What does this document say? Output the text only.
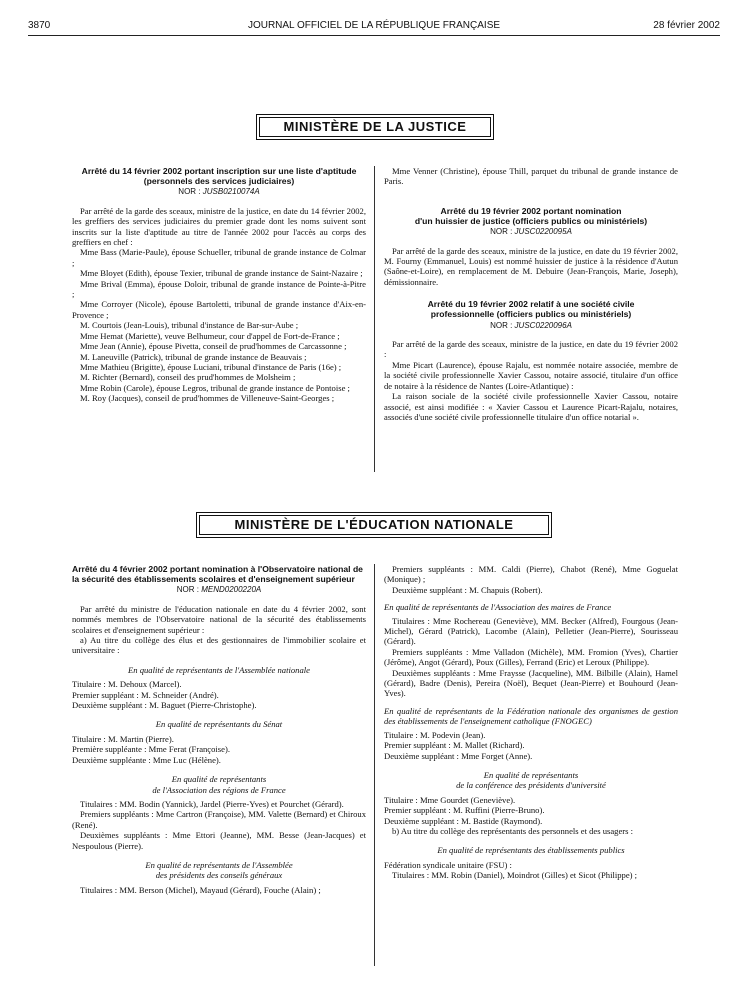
3870	JOURNAL OFFICIEL DE LA RÉPUBLIQUE FRANÇAISE	28 février 2002
MINISTÈRE DE LA JUSTICE
Arrêté du 14 février 2002 portant inscription sur une liste d'aptitude (personnels des services judiciaires)
NOR : JUSB0210074A

Par arrêté de la garde des sceaux, ministre de la justice, en date du 14 février 2002, les greffiers des services judiciaires du premier grade dont les noms suivent sont inscrits sur la liste d'aptitude au titre de l'année 2002 pour l'accès au corps des greffiers en chef :

Mme Bass (Marie-Paule), épouse Schueller, tribunal de grande instance de Colmar ;

Mme Bloyet (Edith), épouse Texier, tribunal de grande instance de Saint-Nazaire ;

Mme Brival (Emma), épouse Doloir, tribunal de grande instance de Pointe-à-Pitre ;

Mme Corroyer (Nicole), épouse Bartoletti, tribunal de grande instance d'Aix-en-Provence ;

M. Courtois (Jean-Louis), tribunal d'instance de Bar-sur-Aube ;

Mme Hemat (Mariette), veuve Belhumeur, cour d'appel de Fort-de-France ;

Mme Jean (Annie), épouse Pivetta, conseil de prud'hommes de Carcassonne ;

M. Laneuville (Patrick), tribunal de grande instance de Beauvais ;

Mme Mathieu (Brigitte), épouse Luciani, tribunal d'instance de Paris (16e) ;

M. Richter (Bernard), conseil des prud'hommes de Molsheim ;

Mme Robin (Carole), épouse Legros, tribunal de grande instance de Pontoise ;

M. Roy (Jacques), conseil de prud'hommes de Villeneuve-Saint-Georges ;

Mme Venner (Christine), épouse Thill, parquet du tribunal de grande instance de Paris.

Arrêté du 19 février 2002 portant nomination
d'un huissier de justice (officiers publics ou ministériels)
NOR : JUSC0220095A

Par arrêté de la garde des sceaux, ministre de la justice, en date du 19 février 2002, M. Fourny (Emmanuel, Louis) est nommé huissier de justice à la résidence d'Autun (Saône-et-Loire), en remplacement de M. Debuire (Jean-François, Marie, Joseph), démissionnaire.

Arrêté du 19 février 2002 relatif à une société civile
professionnelle (officiers publics ou ministériels)
NOR : JUSC0220096A

Par arrêté de la garde des sceaux, ministre de la justice, en date du 19 février 2002 :

Mme Picart (Laurence), épouse Rajalu, est nommée notaire associée, membre de la société civile professionnelle Xavier Cassou, notaire associé, titulaire d'un office de notaire à la résidence de Nantes (Loire-Atlantique) :

La raison sociale de la société civile professionnelle Xavier Cassou, notaire associé, est ainsi modifiée : « Xavier Cassou et Laurence Picart-Rajalu, notaires, associés d'une société civile professionnelle titulaire d'un office notarial ».

MINISTÈRE DE L'ÉDUCATION NATIONALE
Arrêté du 4 février 2002 portant nomination à l'Observatoire national de la sécurité des établissements scolaires et d'enseignement supérieur
NOR : MEND0200220A

Par arrêté du ministre de l'éducation nationale en date du 4 février 2002, sont nommés membres de l'Observatoire national de la sécurité des établissements scolaires et d'enseignement supérieur :

a) Au titre du collège des élus et des gestionnaires de l'immobilier scolaire et universitaire :

En qualité de représentants de l'Assemblée nationale

Titulaire : M. Dehoux (Marcel).

Premier suppléant : M. Schneider (André).

Deuxième suppléant : M. Baguet (Pierre-Christophe).

En qualité de représentants du Sénat

Titulaire : M. Martin (Pierre).

Première suppléante : Mme Ferat (Françoise).

Deuxième suppléante : Mme Luc (Hélène).

En qualité de représentants
de l'Association des régions de France

Titulaires : MM. Bodin (Yannick), Jardel (Pierre-Yves) et Pourchet (Gérard).

Premiers suppléants : Mme Cartron (Françoise), MM. Valette (Bernard) et Chiroux (René).

Deuxièmes suppléants : Mme Ettori (Jeanne), MM. Besse (Jean-Jacques) et Nespoulous (Pierre).

En qualité de représentants de l'Assemblée
des présidents des conseils généraux

Titulaires : MM. Berson (Michel), Mayaud (Gérard), Fouche (Alain) ;

Premiers suppléants : MM. Caldi (Pierre), Chabot (René), Mme Goguelat (Monique) ;

Deuxième suppléant : M. Chapuis (Robert).

En qualité de représentants de l'Association des maires de France

Titulaires : Mme Rochereau (Geneviève), MM. Becker (Alfred), Fourgous (Jean-Michel), Gérard (Patrick), Lacombe (Alain), Pelletier (Jean-Pierre), Sourisseau (Gérard).

Premiers suppléants : Mme Valladon (Michèle), MM. Fromion (Yves), Chartier (Jérôme), Angot (Gérard), Poux (Gilles), Ferrand (Eric) et Leroux (Philippe).

Deuxièmes suppléants : Mme Fraysse (Jacqueline), MM. Bilbille (Alain), Hamel (Gérard), Badre (Denis), Pereira (Noël), Bequet (Jean-Pierre) et Bouhourd (Jean-Yves).

En qualité de représentants de la Fédération nationale des organismes de gestion des établissements de l'enseignement catholique (FNOGEC)

Titulaire : M. Podevin (Jean).

Premier suppléant : M. Mallet (Richard).

Deuxième suppléant : Mme Forget (Anne).

En qualité de représentants
de la conférence des présidents d'université

Titulaire : Mme Gourdet (Geneviève).

Premier suppléant : M. Ruffini (Pierre-Bruno).

Deuxième suppléant : M. Bastide (Raymond).

b) Au titre du collège des représentants des personnels et des usagers :

En qualité de représentants des établissements publics

Fédération syndicale unitaire (FSU) :

Titulaires : MM. Robin (Daniel), Moindrot (Gilles) et Sicot (Philippe) ;
